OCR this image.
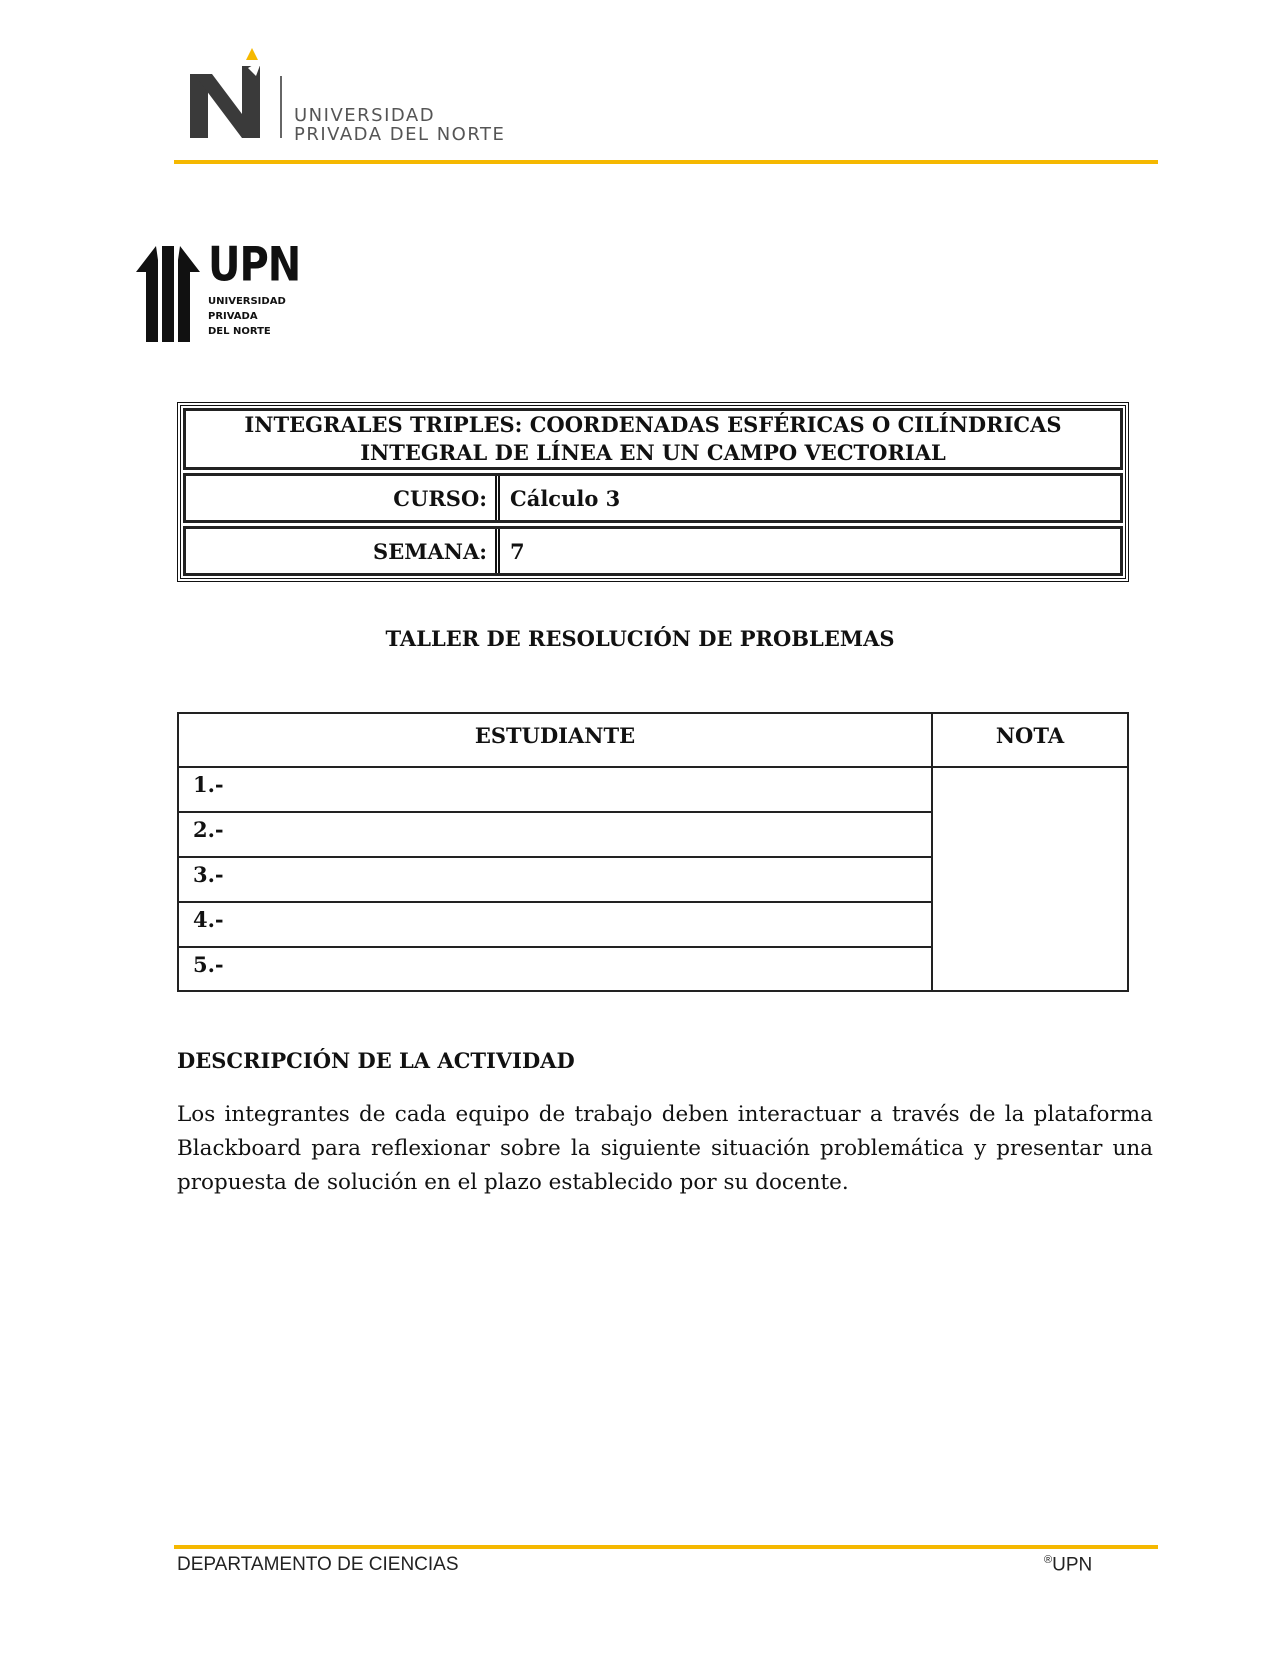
UNIVERSIDAD
PRIVADA DEL NORTE
UPN
UNIVERSIDAD
PRIVADA
DEL NORTE
INTEGRALES TRIPLES: COORDENADAS ESFÉRICAS O CILÍNDRICAS
INTEGRAL DE LÍNEA EN UN CAMPO VECTORIAL
CURSO:	Cálculo 3
SEMANA:	7
TALLER DE RESOLUCIÓN DE PROBLEMAS
ESTUDIANTE	NOTA
1.-
2.-
3.-
4.-
5.-
DESCRIPCIÓN DE LA ACTIVIDAD
Los integrantes de cada equipo de trabajo deben interactuar a través de la plataforma Blackboard para reflexionar sobre la siguiente situación problemática y presentar una propuesta de solución en el plazo establecido por su docente.
DEPARTAMENTO DE CIENCIAS	®UPN
